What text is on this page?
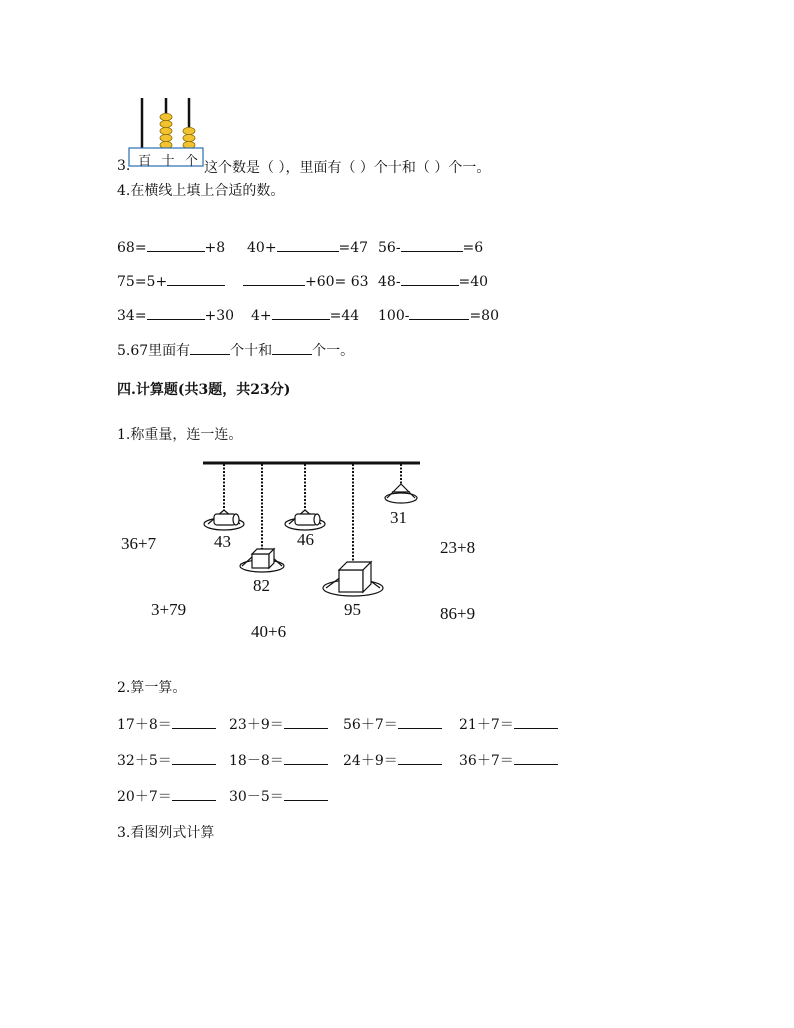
百 十 个
3.	这个数是（ ），里面有（ ）个十和（ ）个一。
4.在横线上填上合适的数。
68=	+8 40+	=47 56-	=6
75=5+	+60= 63 48-	=40
34=	+30 4+	=44 100-	=80
5.67里面有	个十和	个一。
四.计算题(共3题，共23分)
1.称重量，连一连。
43
82
46
95
31
36+7
3+79
40+6
23+8
86+9
2.算一算。
17＋8＝	23＋9＝	56＋7＝	21＋7＝
32＋5＝	18－8＝	24＋9＝	36＋7＝
20＋7＝	30－5＝
3.看图列式计算
